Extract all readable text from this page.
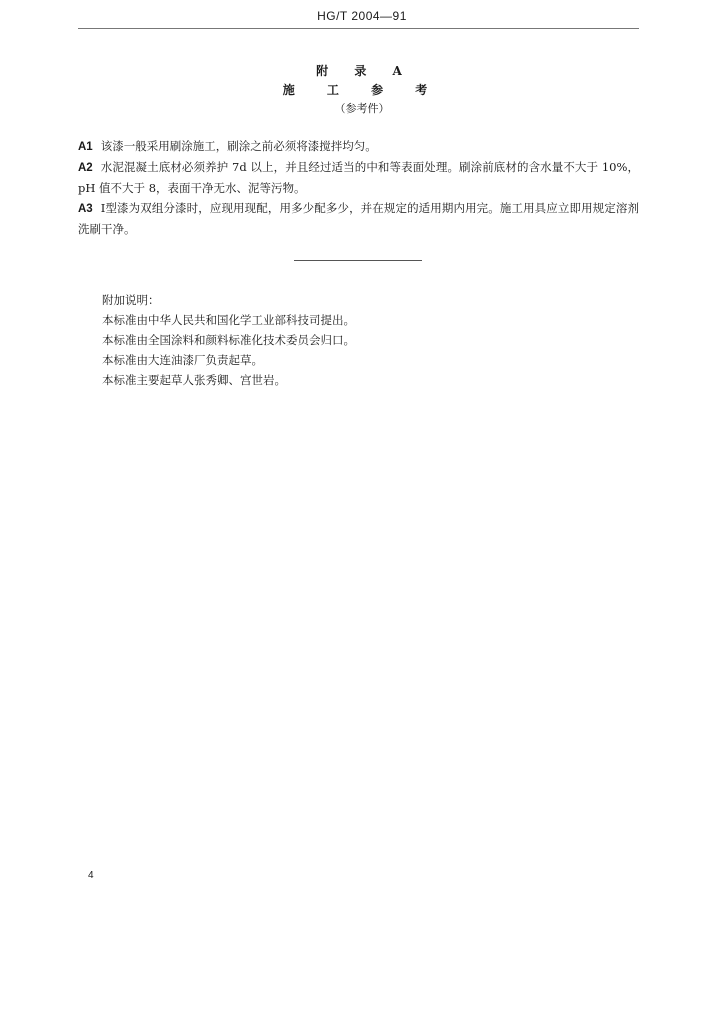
HG/T 2004—91
附 录 A
施 工 参 考
（参考件）

A1 该漆一般采用刷涂施工，刷涂之前必须将漆搅拌均匀。

A2 水泥混凝土底材必须养护 7d 以上，并且经过适当的中和等表面处理。刷涂前底材的含水量不大于 10%，pH 值不大于 8，表面干净无水、泥等污物。

A3 Ⅰ型漆为双组分漆时，应现用现配，用多少配多少，并在规定的适用期内用完。施工用具应立即用规定溶剂洗刷干净。

附加说明：
本标准由中华人民共和国化学工业部科技司提出。
本标准由全国涂料和颜料标准化技术委员会归口。
本标准由大连油漆厂负责起草。
本标准主要起草人张秀卿、宫世岩。
4
